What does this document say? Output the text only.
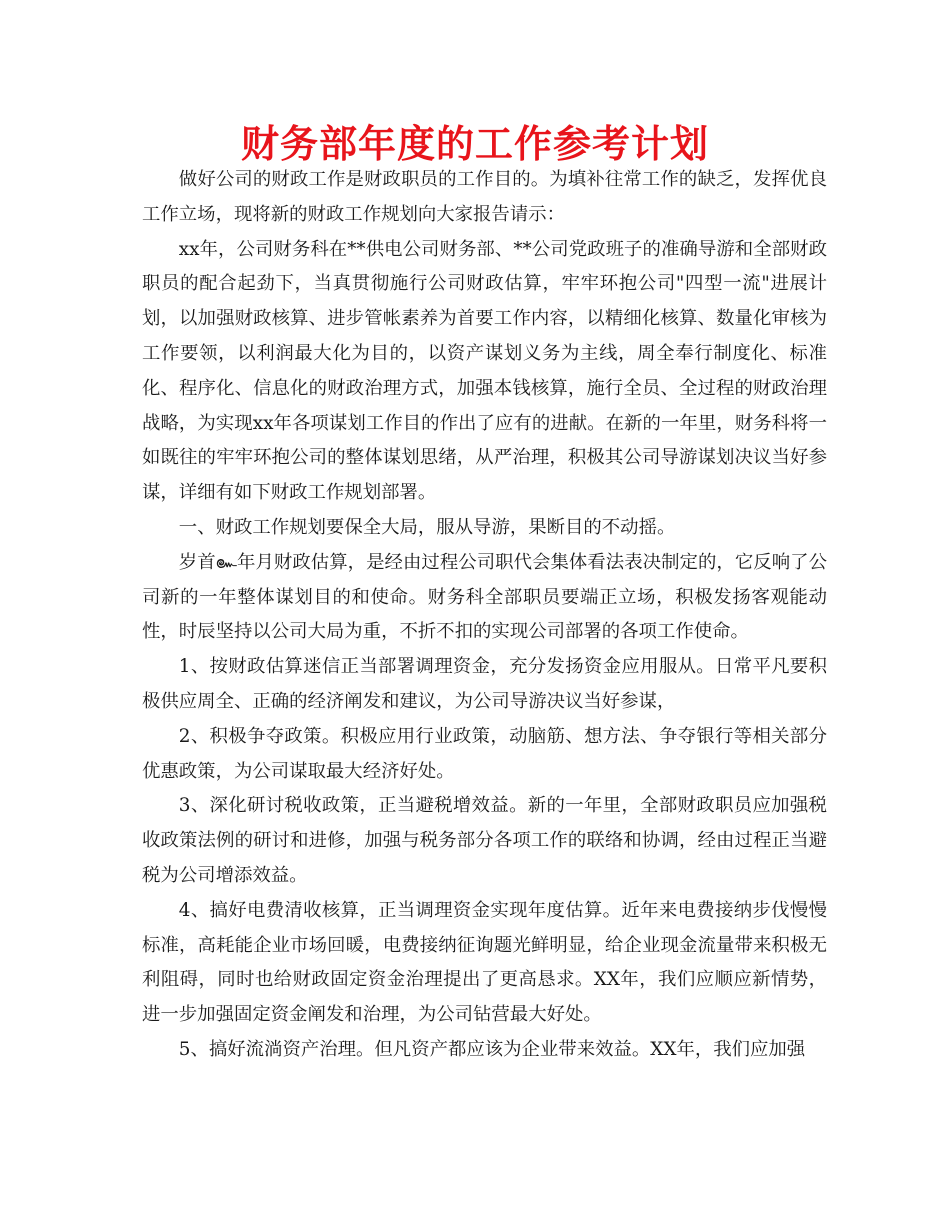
财务部年度的工作参考计划

做好公司的财政工作是财政职员的工作目的。为填补往常工作的缺乏，发挥优良工作立场，现将新的财政工作规划向大家报告请示：

xx年，公司财务科在**供电公司财务部、**公司党政班子的准确导游和全部财政职员的配合起劲下，当真贯彻施行公司财政估算，牢牢环抱公司"四型一流"进展计划，以加强财政核算、进步管帐素养为首要工作内容，以精细化核算、数量化审核为工作要领，以利润最大化为目的，以资产谋划义务为主线，周全奉行制度化、标准化、程序化、信息化的财政治理方式，加强本钱核算，施行全员、全过程的财政治理战略，为实现xx年各项谋划工作目的作出了应有的进献。在新的一年里，财务科将一如既往的牢牢环抱公司的整体谋划思绪，从严治理，积极其公司导游谋划决议当好参谋，详细有如下财政工作规划部署。

一、财政工作规划要保全大局，服从导游，果断目的不动摇。

岁首๛年月财政估算，是经由过程公司职代会集体看法表决制定的，它反响了公司新的一年整体谋划目的和使命。财务科全部职员要端正立场，积极发扬客观能动性，时辰坚持以公司大局为重，不折不扣的实现公司部署的各项工作使命。

1、按财政估算迷信正当部署调理资金，充分发扬资金应用服从。日常平凡要积极供应周全、正确的经济阐发和建议，为公司导游决议当好参谋，

2、积极争夺政策。积极应用行业政策，动脑筋、想方法、争夺银行等相关部分优惠政策，为公司谋取最大经济好处。

3、深化研讨税收政策，正当避税增效益。新的一年里，全部财政职员应加强税收政策法例的研讨和进修，加强与税务部分各项工作的联络和协调，经由过程正当避税为公司增添效益。

4、搞好电费清收核算，正当调理资金实现年度估算。近年来电费接纳步伐慢慢标准，高耗能企业市场回暖，电费接纳征询题光鲜明显，给企业现金流量带来积极无利阻碍，同时也给财政固定资金治理提出了更高恳求。XX年，我们应顺应新情势，进一步加强固定资金阐发和治理，为公司钻营最大好处。

5、搞好流淌资产治理。但凡资产都应该为企业带来效益。XX年，我们应加强
